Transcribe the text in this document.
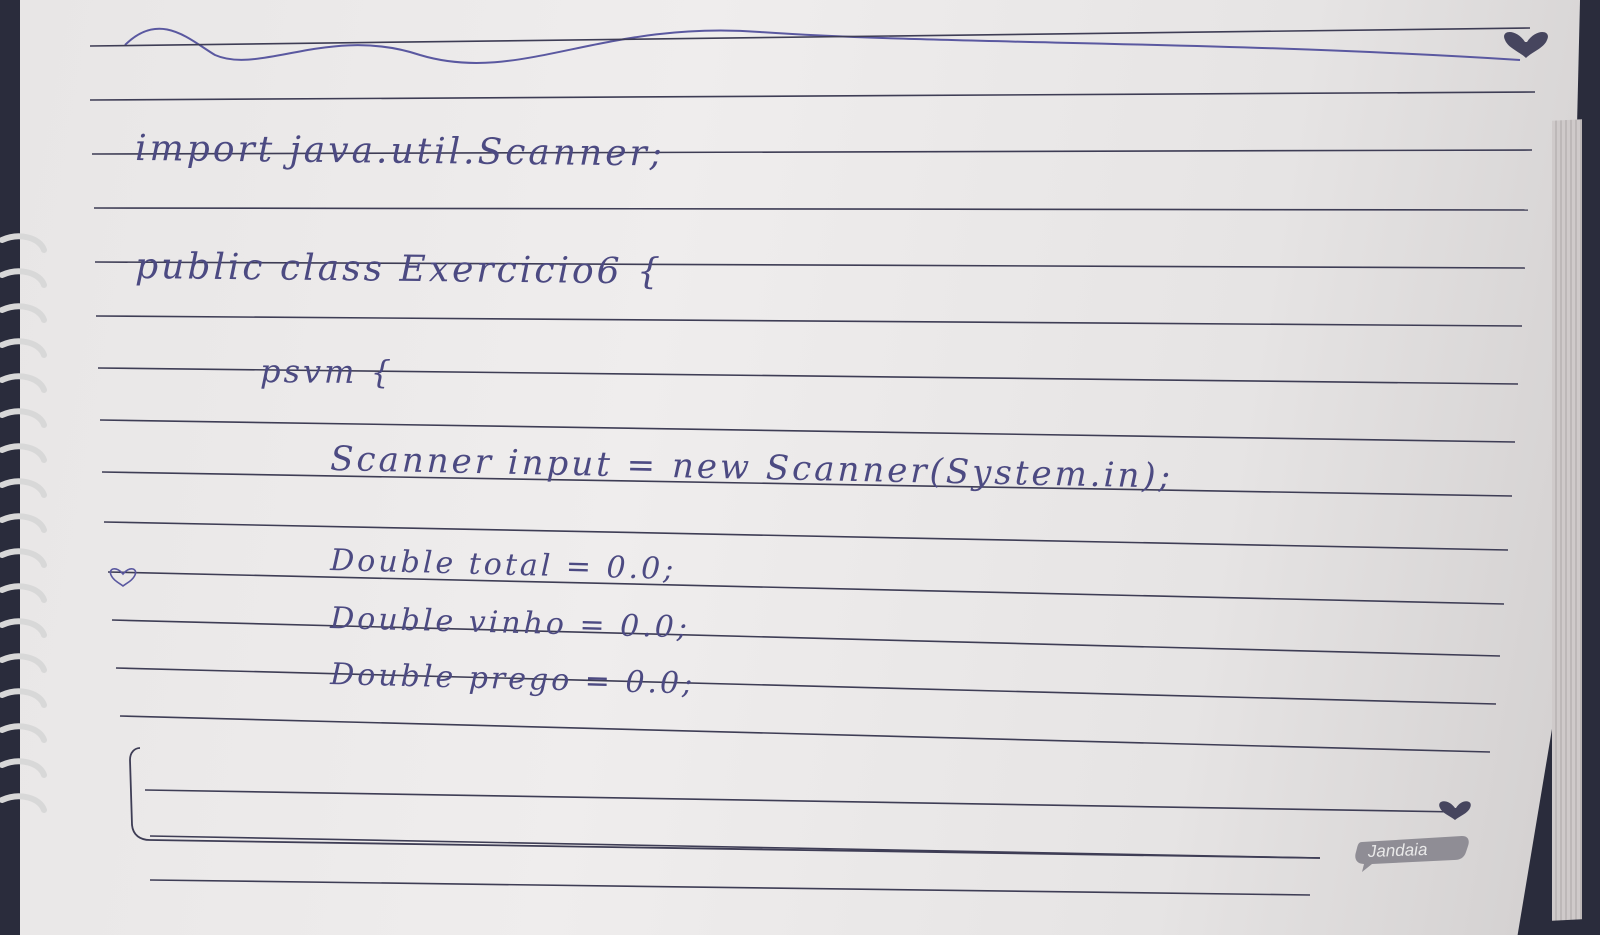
import java.util.Scanner;
public class Exercicio6 {
psvm {
Scanner input = new Scanner(System.in);
Double total = 0.0;
Double vinho = 0.0;
Double prego = 0.0;
Jandaia
